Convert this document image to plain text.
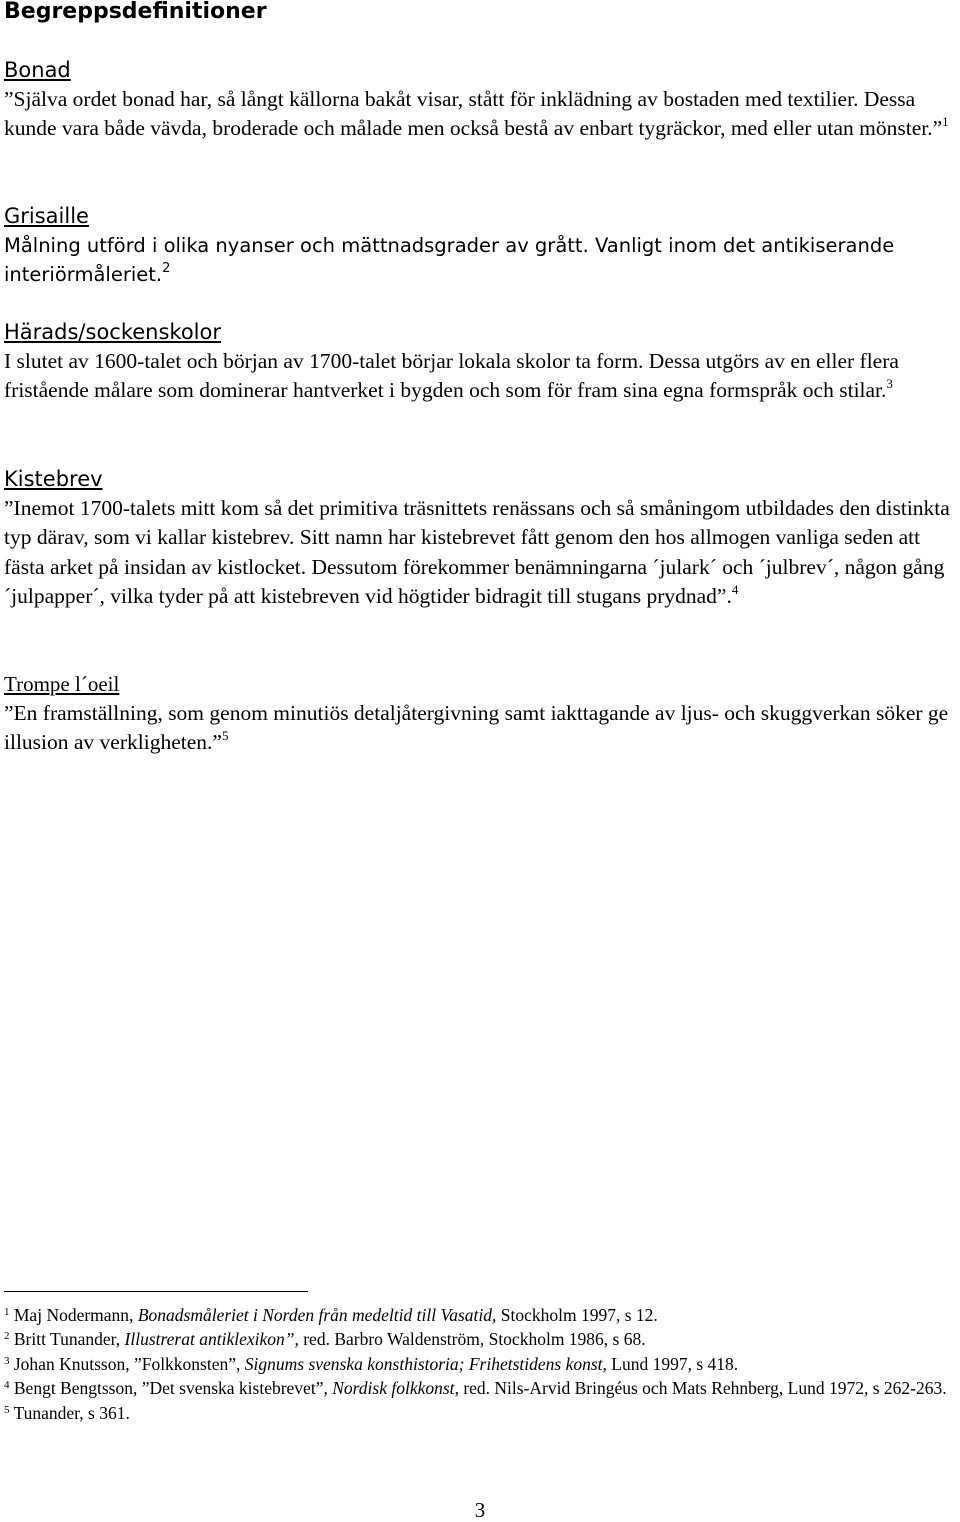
Begreppsdefinitioner
Bonad
”Själva ordet bonad har, så långt källorna bakåt visar, stått för inklädning av bostaden med textilier. Dessa kunde vara både vävda, broderade och målade men också bestå av enbart tygräckor, med eller utan mönster.”$^1$
Grisaille
Målning utförd i olika nyanser och mättnadsgrader av grått. Vanligt inom det antikiserande interiörmåleriet.$^2$
Härads/sockenskolor
I slutet av 1600-talet och början av 1700-talet börjar lokala skolor ta form. Dessa utgörs av en eller flera fristående målare som dominerar hantverket i bygden och som för fram sina egna formspråk och stilar.$^3$
Kistebrev
”Inemot 1700-talets mitt kom så det primitiva träsnittets renässans och så småningom utbildades den distinkta typ därav, som vi kallar kistebrev. Sitt namn har kistebrevet fått genom den hos allmogen vanliga seden att fästa arket på insidan av kistlocket. Dessutom förekommer benämningarna ´julark´ och ´julbrev´, någon gång ´julpapper´, vilka tyder på att kistebreven vid högtider bidragit till stugans prydnad”.$^4$
Trompe l´oeil
”En framställning, som genom minutiös detaljåtergivning samt iakttagande av ljus- och skuggverkan söker ge illusion av verkligheten.”$^5$
$^1$ Maj Nodermann, Bonadsmåleriet i Norden från medeltid till Vasatid, Stockholm 1997, s 12.
$^2$ Britt Tunander, Illustrerat antiklexikon”, red. Barbro Waldenström, Stockholm 1986, s 68.
$^3$ Johan Knutsson, ”Folkkonsten”, Signums svenska konsthistoria; Frihetstidens konst, Lund 1997, s 418.
$^4$ Bengt Bengtsson, ”Det svenska kistebrevet”, Nordisk folkkonst, red. Nils-Arvid Bringéus och Mats Rehnberg, Lund 1972, s 262-263.
$^5$ Tunander, s 361.
3
